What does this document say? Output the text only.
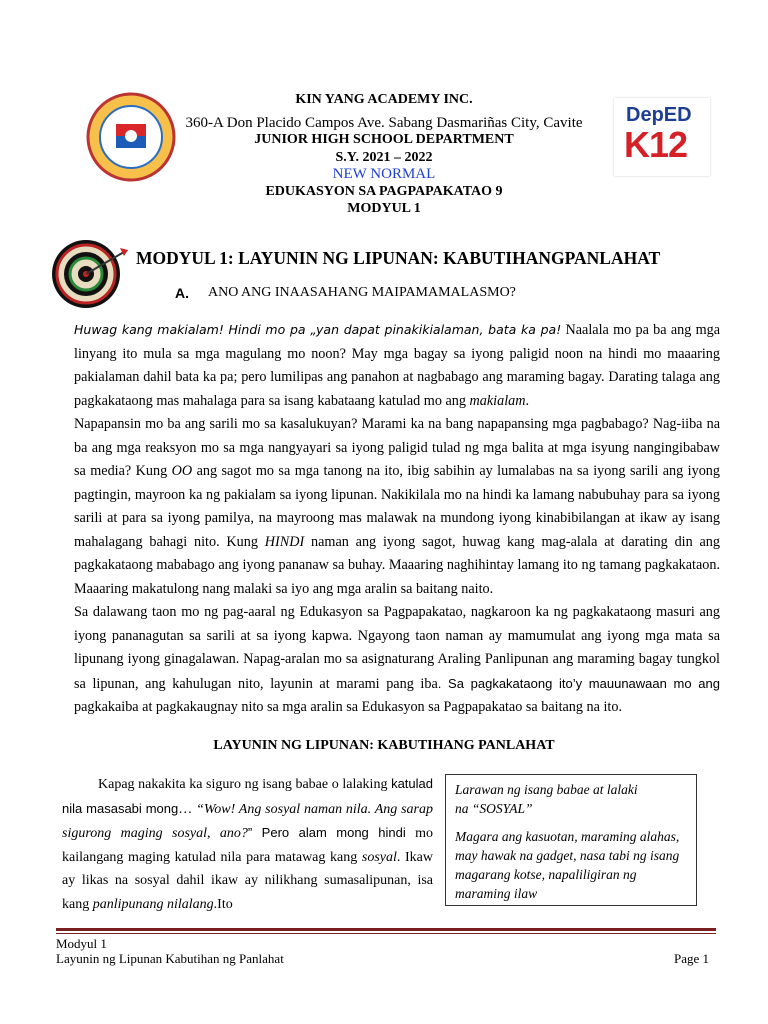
DepED
K12
KIN YANG ACADEMY INC.
360-A Don Placido Campos Ave. Sabang Dasmariñas City, Cavite
JUNIOR HIGH SCHOOL DEPARTMENT
S.Y. 2021 – 2022
NEW NORMAL
EDUKASYON SA PAGPAPAKATAO 9
MODYUL 1
MODYUL 1: LAYUNIN NG LIPUNAN: KABUTIHANGPANLAHAT
A. ANO ANG INAASAHANG MAIPAMAMALASMO?

Huwag kang makialam! Hindi mo pa „yan dapat pinakikialaman, bata ka pa! Naalala mo pa ba ang mga linyang ito mula sa mga magulang mo noon? May mga bagay sa iyong paligid noon na hindi mo maaaring pakialaman dahil bata ka pa; pero lumilipas ang panahon at nagbabago ang maraming bagay. Darating talaga ang pagkakataong mas mahalaga para sa isang kabataang katulad mo ang makialam.

Napapansin mo ba ang sarili mo sa kasalukuyan? Marami ka na bang napapansing mga pagbabago? Nag-iiba na ba ang mga reaksyon mo sa mga nangyayari sa iyong paligid tulad ng mga balita at mga isyung nangingibabaw sa media? Kung OO ang sagot mo sa mga tanong na ito, ibig sabihin ay lumalabas na sa iyong sarili ang iyong pagtingin, mayroon ka ng pakialam sa iyong lipunan. Nakikilala mo na hindi ka lamang nabubuhay para sa iyong sarili at para sa iyong pamilya, na mayroong mas malawak na mundong iyong kinabibilangan at ikaw ay isang mahalagang bahagi nito. Kung HINDI naman ang iyong sagot, huwag kang mag-alala at darating din ang pagkakataong mababago ang iyong pananaw sa buhay. Maaaring naghihintay lamang ito ng tamang pagkakataon. Maaaring makatulong nang malaki sa iyo ang mga aralin sa baitang naito.

Sa dalawang taon mo ng pag-aaral ng Edukasyon sa Pagpapakatao, nagkaroon ka ng pagkakataong masuri ang iyong pananagutan sa sarili at sa iyong kapwa. Ngayong taon naman ay mamumulat ang iyong mga mata sa lipunang iyong ginagalawan. Napag-aralan mo sa asignaturang Araling Panlipunan ang maraming bagay tungkol sa lipunan, ang kahulugan nito, layunin at marami pang iba. Sa pagkakataong ito’y mauunawaan mo ang pagkakaiba at pagkakaugnay nito sa mga aralin sa Edukasyon sa Pagpapakatao sa baitang na ito.

LAYUNIN NG LIPUNAN: KABUTIHANG PANLAHAT
Kapag nakakita ka siguro ng isang babae o lalaking katulad nila masasabi mong… “Wow! Ang sosyal naman nila. Ang sarap sigurong maging sosyal, ano?” Pero alam mong hindi mo kailangang maging katulad nila para matawag kang sosyal. Ikaw ay likas na sosyal dahil ikaw ay nilikhang sumasalipunan, isa kang panlipunang nilalang.Ito

Larawan ng isang babae at lalaki

na “SOSYAL”

Magara ang kasuotan, maraming alahas, may hawak na gadget, nasa tabi ng isang magarang kotse, napaliligiran ng maraming ilaw

Modyul 1
Layunin ng Lipunan Kabutihan ng Panlahat	Page 1
